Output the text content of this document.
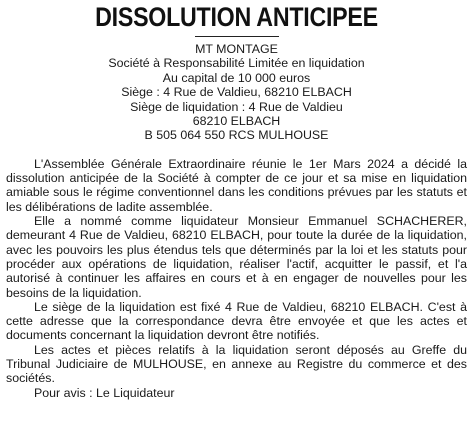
DISSOLUTION ANTICIPEE
MT MONTAGE
Société à Responsabilité Limitée en liquidation
Au capital de 10 000 euros
Siège : 4 Rue de Valdieu, 68210 ELBACH
Siège de liquidation : 4 Rue de Valdieu
68210 ELBACH
B 505 064 550 RCS MULHOUSE

L'Assemblée Générale Extraordinaire réunie le 1er Mars 2024 a décidé la dissolution anticipée de la Société à compter de ce jour et sa mise en liquidation amiable sous le régime conventionnel dans les conditions prévues par les statuts et les délibérations de ladite assemblée.

Elle a nommé comme liquidateur Monsieur Emmanuel SCHACHERER, demeurant 4 Rue de Valdieu, 68210 ELBACH, pour toute la durée de la liquidation, avec les pouvoirs les plus étendus tels que déterminés par la loi et les statuts pour procéder aux opérations de liquidation, réaliser l'actif, acquitter le passif, et l'a autorisé à continuer les affaires en cours et à en engager de nouvelles pour les besoins de la liquidation.

Le siège de la liquidation est fixé 4 Rue de Valdieu, 68210 ELBACH. C'est à cette adresse que la correspondance devra être envoyée et que les actes et documents concernant la liquidation devront être notifiés.

Les actes et pièces relatifs à la liquidation seront déposés au Greffe du Tribunal Judiciaire de MULHOUSE, en annexe au Registre du commerce et des sociétés.

Pour avis : Le Liquidateur
